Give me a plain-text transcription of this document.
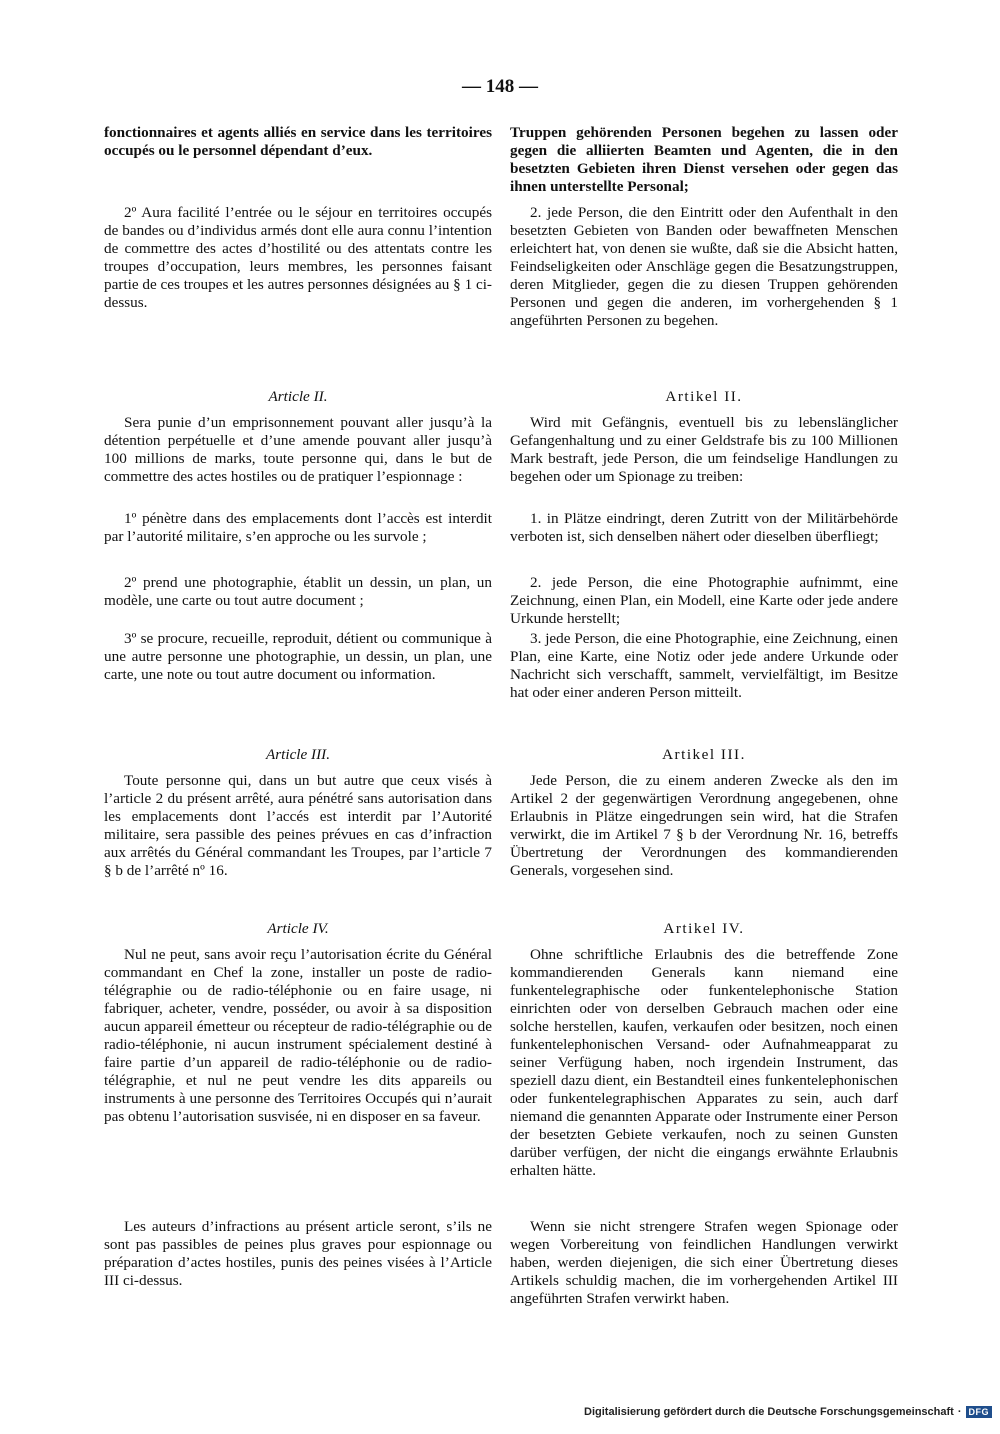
— 148 —

fonctionnaires et agents alliés en service dans les territoires occupés ou le personnel dépendant d’eux.

2º Aura facilité l’entrée ou le séjour en territoires occupés de bandes ou d’individus armés dont elle aura connu l’intention de commettre des actes d’hostilité ou des attentats contre les troupes d’occupation, leurs membres, les personnes faisant partie de ces troupes et les autres personnes désignées au § 1 ci-dessus.

Article II.

Sera punie d’un emprisonnement pouvant aller jusqu’à la détention perpétuelle et d’une amende pouvant aller jusqu’à 100 millions de marks, toute personne qui, dans le but de commettre des actes hostiles ou de pratiquer l’espionnage :

1º pénètre dans des emplacements dont l’accès est interdit par l’autorité militaire, s’en approche ou les survole ;

2º prend une photographie, établit un dessin, un plan, un modèle, une carte ou tout autre document ;

3º se procure, recueille, reproduit, détient ou communique à une autre personne une photographie, un dessin, un plan, une carte, une note ou tout autre document ou information.

Article III.

Toute personne qui, dans un but autre que ceux visés à l’article 2 du présent arrêté, aura pénétré sans autorisation dans les emplacements dont l’accés est interdit par l’Autorité militaire, sera passible des peines prévues en cas d’infraction aux arrêtés du Général commandant les Troupes, par l’article 7 § b de l’arrêté nº 16.

Article IV.

Nul ne peut, sans avoir reçu l’autorisation écrite du Général commandant en Chef la zone, installer un poste de radio-télégraphie ou de radio-téléphonie ou en faire usage, ni fabriquer, acheter, vendre, posséder, ou avoir à sa disposition aucun appareil émetteur ou récepteur de radio-télégraphie ou de radio-téléphonie, ni aucun instrument spécialement destiné à faire partie d’un appareil de radio-téléphonie ou de radio-télégraphie, et nul ne peut vendre les dits appareils ou instruments à une personne des Territoires Occupés qui n’aurait pas obtenu l’autorisation susvisée, ni en disposer en sa faveur.

Les auteurs d’infractions au présent article seront, s’ils ne sont pas passibles de peines plus graves pour espionnage ou préparation d’actes hostiles, punis des peines visées à l’Article III ci-dessus.

Truppen gehörenden Personen begehen zu lassen oder gegen die alliierten Beamten und Agenten, die in den besetzten Gebieten ihren Dienst versehen oder gegen das ihnen unterstellte Personal;

2. jede Person, die den Eintritt oder den Aufenthalt in den besetzten Gebieten von Banden oder bewaffneten Menschen erleichtert hat, von denen sie wußte, daß sie die Absicht hatten, Feindseligkeiten oder Anschläge gegen die Besatzungstruppen, deren Mitglieder, gegen die zu diesen Truppen gehörenden Personen und gegen die anderen, im vorhergehenden § 1 angeführten Personen zu begehen.

Artikel II.

Wird mit Gefängnis, eventuell bis zu lebenslänglicher Gefangenhaltung und zu einer Geldstrafe bis zu 100 Millionen Mark bestraft, jede Person, die um feindselige Handlungen zu begehen oder um Spionage zu treiben:

1. in Plätze eindringt, deren Zutritt von der Militärbehörde verboten ist, sich denselben nähert oder dieselben überfliegt;

2. jede Person, die eine Photographie aufnimmt, eine Zeichnung, einen Plan, ein Modell, eine Karte oder jede andere Urkunde herstellt;

3. jede Person, die eine Photographie, eine Zeichnung, einen Plan, eine Karte, eine Notiz oder jede andere Urkunde oder Nachricht sich verschafft, sammelt, vervielfältigt, im Besitze hat oder einer anderen Person mitteilt.

Artikel III.

Jede Person, die zu einem anderen Zwecke als den im Artikel 2 der gegenwärtigen Verordnung angegebenen, ohne Erlaubnis in Plätze eingedrungen sein wird, hat die Strafen verwirkt, die im Artikel 7 § b der Verordnung Nr. 16, betreffs Übertretung der Verordnungen des kommandierenden Generals, vorgesehen sind.

Artikel IV.

Ohne schriftliche Erlaubnis des die betreffende Zone kommandierenden Generals kann niemand eine funkentelegraphische oder funkentelephonische Station einrichten oder von derselben Gebrauch machen oder eine solche herstellen, kaufen, verkaufen oder besitzen, noch einen funkentelephonischen Versand- oder Aufnahmeapparat zu seiner Verfügung haben, noch irgendein Instrument, das speziell dazu dient, ein Bestandteil eines funkentelephonischen oder funkentelegraphischen Apparates zu sein, auch darf niemand die genannten Apparate oder Instrumente einer Person der besetzten Gebiete verkaufen, noch zu seinen Gunsten darüber verfügen, der nicht die eingangs erwähnte Erlaubnis erhalten hätte.

Wenn sie nicht strengere Strafen wegen Spionage oder wegen Vorbereitung von feindlichen Handlungen verwirkt haben, werden diejenigen, die sich einer Übertretung dieses Artikels schuldig machen, die im vorhergehenden Artikel III angeführten Strafen verwirkt haben.

Digitalisierung gefördert durch die Deutsche Forschungsgemeinschaft · DFG
